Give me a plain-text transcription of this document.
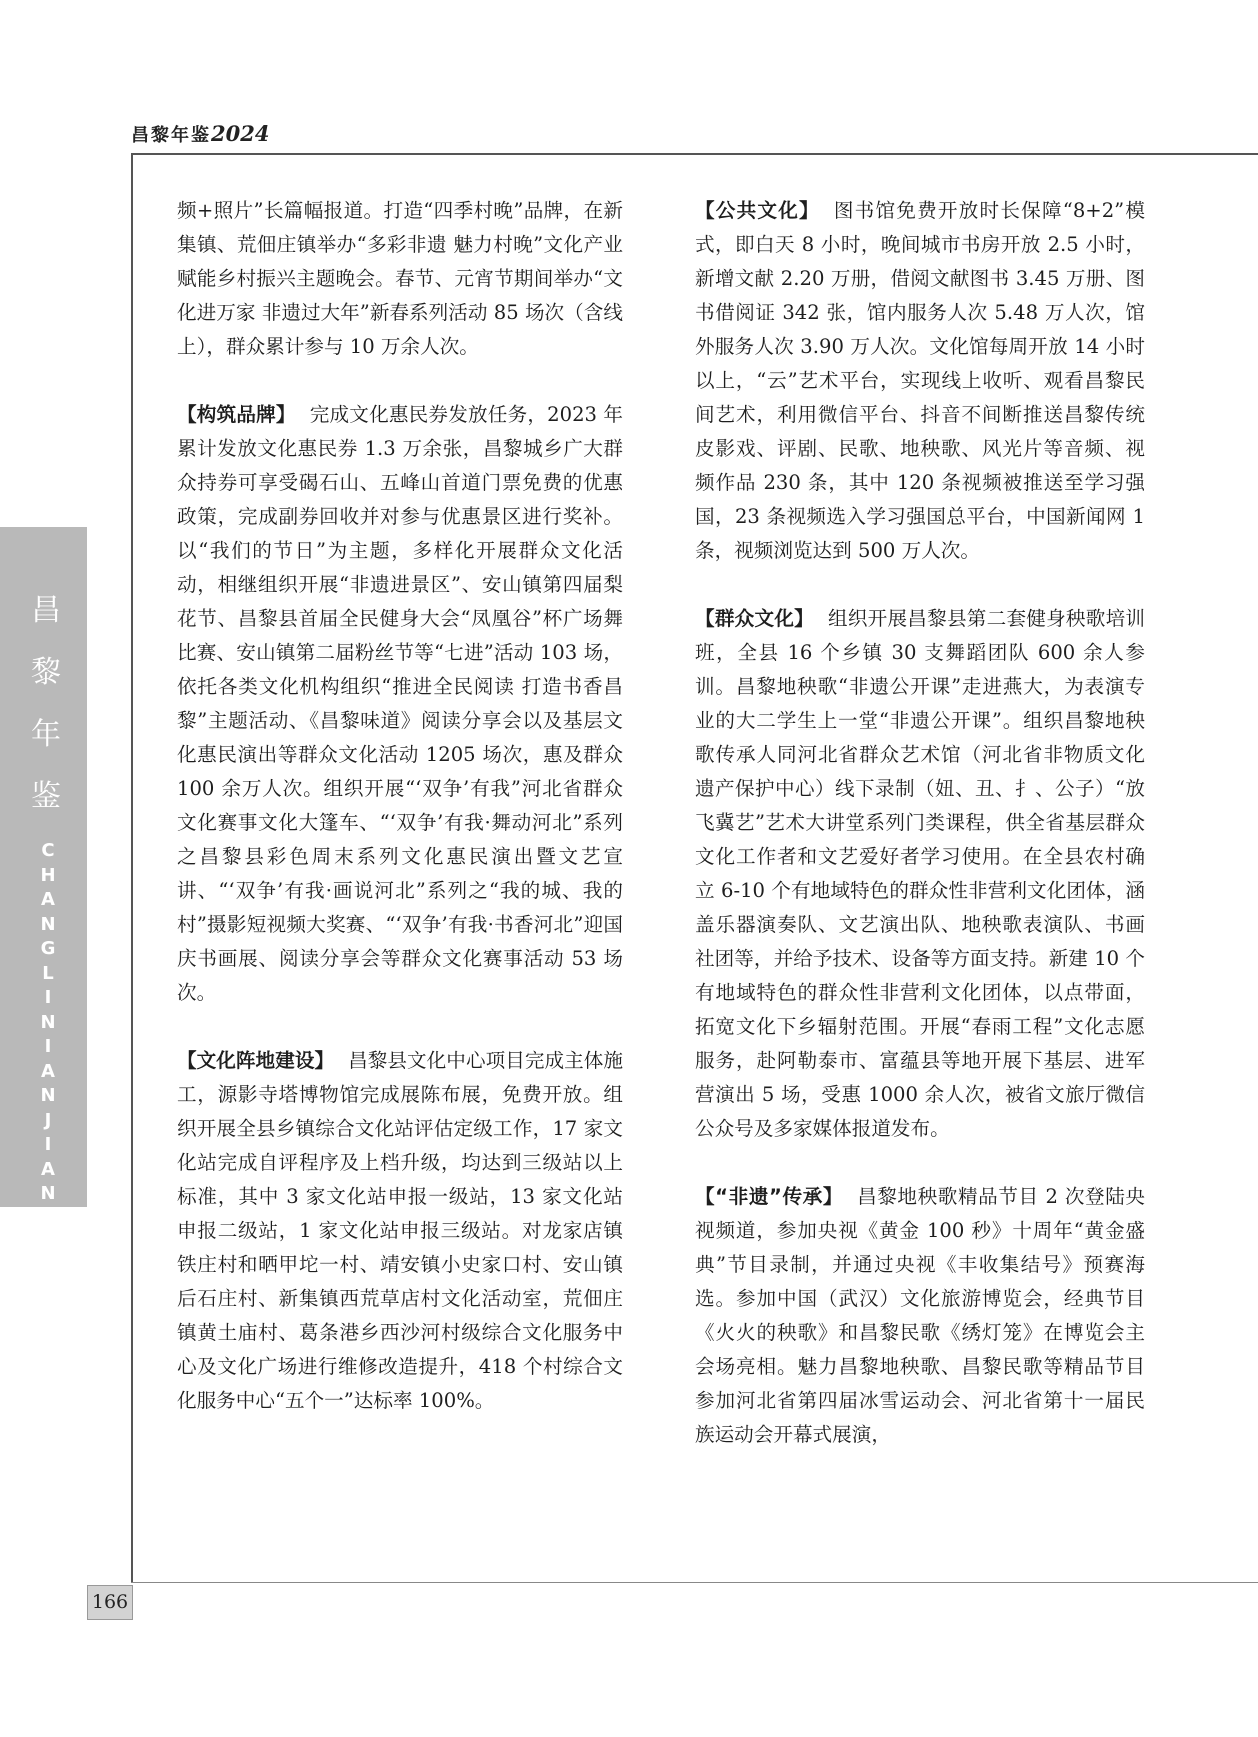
昌黎年鉴2024
昌
黎
年
鉴
C
H
A
N
G
L
I
N
I
A
N
J
I
A
N
166

频+照片”长篇幅报道。打造“四季村晚”品牌，在新集镇、荒佃庄镇举办“多彩非遗 魅力村晚”文化产业赋能乡村振兴主题晚会。春节、元宵节期间举办“文化进万家 非遗过大年”新春系列活动 85 场次（含线上），群众累计参与 10 万余人次。

【构筑品牌】 完成文化惠民券发放任务，2023 年累计发放文化惠民券 1.3 万余张，昌黎城乡广大群众持券可享受碣石山、五峰山首道门票免费的优惠政策，完成副券回收并对参与优惠景区进行奖补。以“我们的节日”为主题，多样化开展群众文化活动，相继组织开展“非遗进景区”、安山镇第四届梨花节、昌黎县首届全民健身大会“凤凰谷”杯广场舞比赛、安山镇第二届粉丝节等“七进”活动 103 场，依托各类文化机构组织“推进全民阅读 打造书香昌黎”主题活动、《昌黎味道》阅读分享会以及基层文化惠民演出等群众文化活动 1205 场次，惠及群众 100 余万人次。组织开展“‘双争’有我”河北省群众文化赛事文化大篷车、“‘双争’有我·舞动河北”系列之昌黎县彩色周末系列文化惠民演出暨文艺宣讲、“‘双争’有我·画说河北”系列之“我的城、我的村”摄影短视频大奖赛、“‘双争’有我·书香河北”迎国庆书画展、阅读分享会等群众文化赛事活动 53 场次。

【文化阵地建设】 昌黎县文化中心项目完成主体施工，源影寺塔博物馆完成展陈布展，免费开放。组织开展全县乡镇综合文化站评估定级工作，17 家文化站完成自评程序及上档升级，均达到三级站以上标准，其中 3 家文化站申报一级站，13 家文化站申报二级站，1 家文化站申报三级站。对龙家店镇铁庄村和晒甲坨一村、靖安镇小史家口村、安山镇后石庄村、新集镇西荒草店村文化活动室，荒佃庄镇黄土庙村、葛条港乡西沙河村级综合文化服务中心及文化广场进行维修改造提升，418 个村综合文化服务中心“五个一”达标率 100%。

【公共文化】 图书馆免费开放时长保障“8+2”模式，即白天 8 小时，晚间城市书房开放 2.5 小时，新增文献 2.20 万册，借阅文献图书 3.45 万册、图书借阅证 342 张，馆内服务人次 5.48 万人次，馆外服务人次 3.90 万人次。文化馆每周开放 14 小时以上，“云”艺术平台，实现线上收听、观看昌黎民间艺术，利用微信平台、抖音不间断推送昌黎传统皮影戏、评剧、民歌、地秧歌、风光片等音频、视频作品 230 条，其中 120 条视频被推送至学习强国，23 条视频选入学习强国总平台，中国新闻网 1 条，视频浏览达到 500 万人次。

【群众文化】 组织开展昌黎县第二套健身秧歌培训班，全县 16 个乡镇 30 支舞蹈团队 600 余人参训。昌黎地秧歌“非遗公开课”走进燕大，为表演专业的大二学生上一堂“非遗公开课”。组织昌黎地秧歌传承人同河北省群众艺术馆（河北省非物质文化遗产保护中心）线下录制（妞、丑、扌、公子）“放飞冀艺”艺术大讲堂系列门类课程，供全省基层群众文化工作者和文艺爱好者学习使用。在全县农村确立 6-10 个有地域特色的群众性非营利文化团体，涵盖乐器演奏队、文艺演出队、地秧歌表演队、书画社团等，并给予技术、设备等方面支持。新建 10 个有地域特色的群众性非营利文化团体，以点带面，拓宽文化下乡辐射范围。开展“春雨工程”文化志愿服务，赴阿勒泰市、富蕴县等地开展下基层、进军营演出 5 场，受惠 1000 余人次，被省文旅厅微信公众号及多家媒体报道发布。

【“非遗”传承】 昌黎地秧歌精品节目 2 次登陆央视频道，参加央视《黄金 100 秒》十周年“黄金盛典”节目录制，并通过央视《丰收集结号》预赛海选。参加中国（武汉）文化旅游博览会，经典节目《火火的秧歌》和昌黎民歌《绣灯笼》在博览会主会场亮相。魅力昌黎地秧歌、昌黎民歌等精品节目参加河北省第四届冰雪运动会、河北省第十一届民族运动会开幕式展演，
